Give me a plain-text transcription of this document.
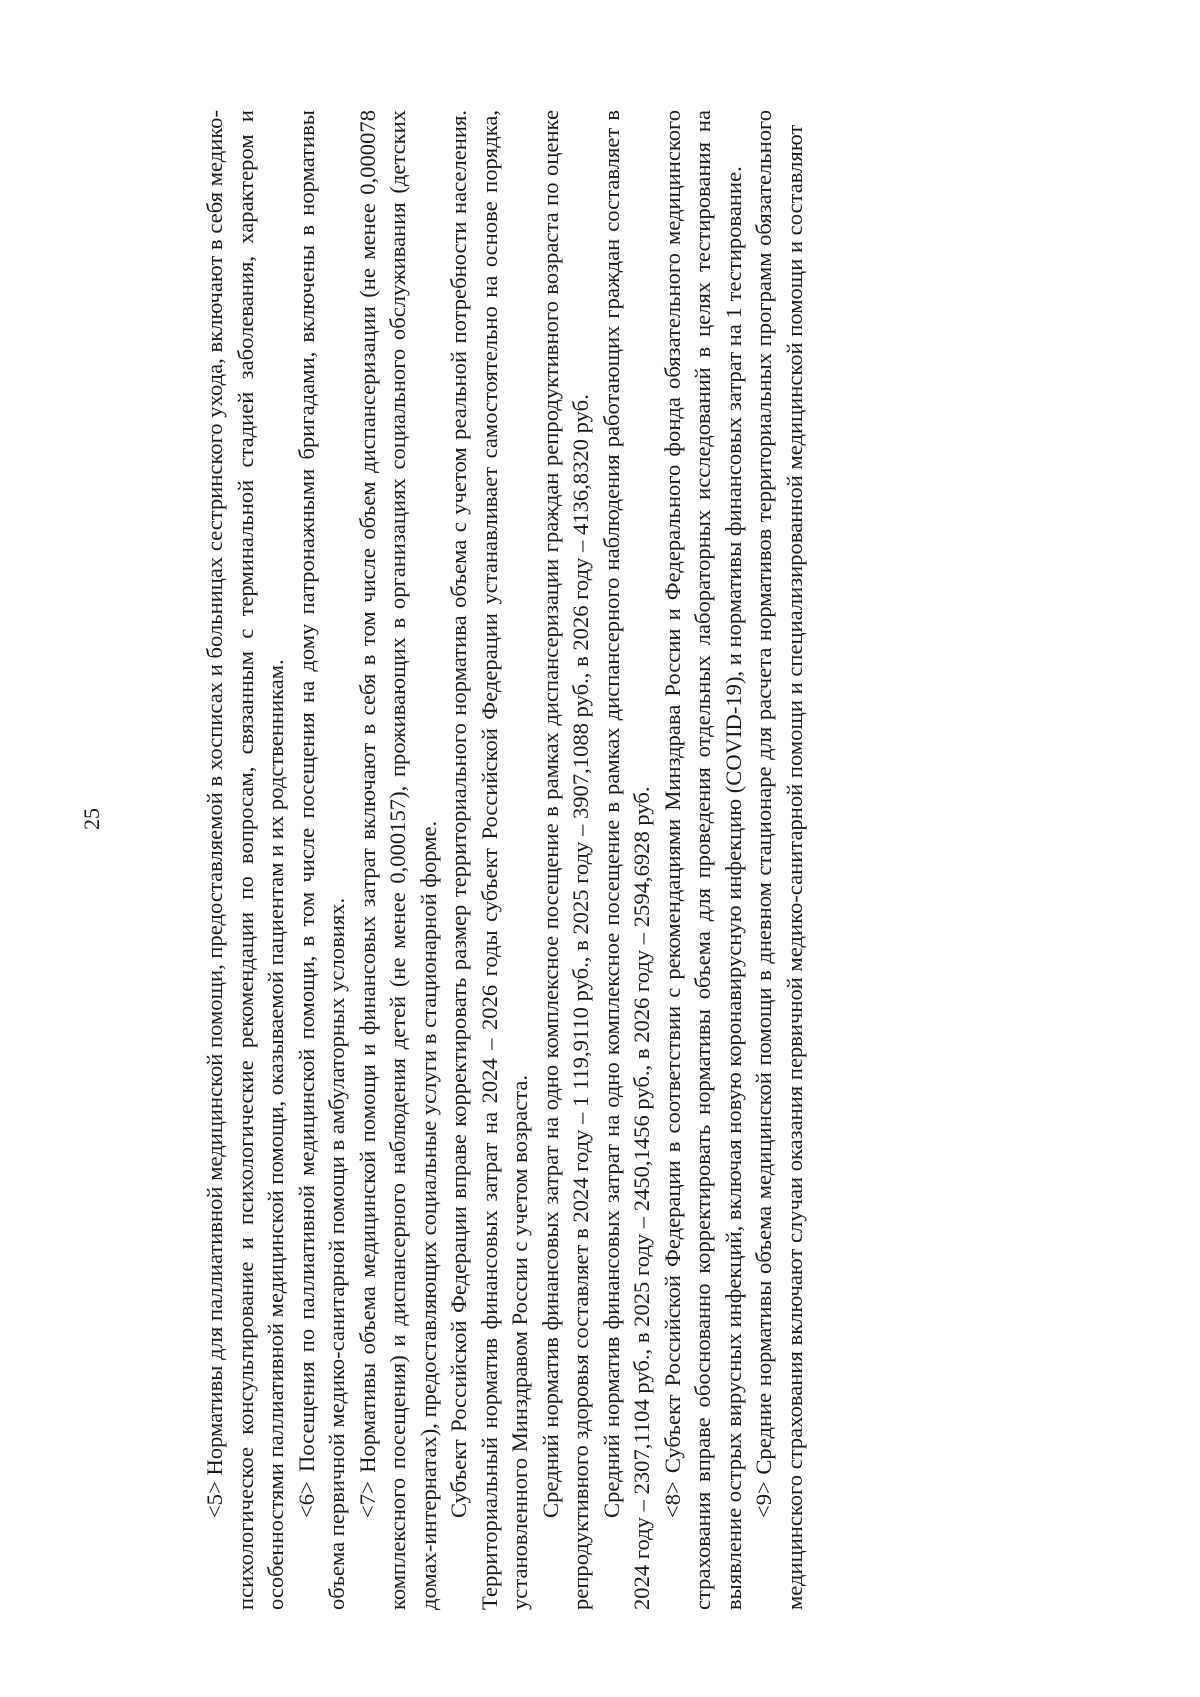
25	<5> Нормативы для паллиативной медицинской помощи, предоставляемой в хосписах и больницах сестринского ухода, включают в себя медико-психологическое консультирование и психологические рекомендации по вопросам, связанным с терминальной стадией заболевания, характером и особенностями паллиативной медицинской помощи, оказываемой пациентам и их родственникам. <6> Посещения по паллиативной медицинской помощи, в том числе посещения на дому патронажными бригадами, включены в нормативы объема первичной медико-санитарной помощи в амбулаторных условиях. <7> Нормативы объема медицинской помощи и финансовых затрат включают в себя в том числе объем диспансеризации (не менее 0,000078 комплексного посещения) и диспансерного наблюдения детей (не менее 0,000157), проживающих в организациях социального обслуживания (детских домах-интернатах), предоставляющих социальные услуги в стационарной форме. Субъект Российской Федерации вправе корректировать размер территориального норматива объема с учетом реальной потребности населения. Территориальный норматив финансовых затрат на 2024 – 2026 годы субъект Российской Федерации устанавливает самостоятельно на основе порядка, установленного Минздравом России с учетом возраста. Средний норматив финансовых затрат на одно комплексное посещение в рамках диспансеризации граждан репродуктивного возраста по оценке репродуктивного здоровья составляет в 2024 году – 1 119,9110 руб., в 2025 году – 3907,1088 руб., в 2026 году – 4136,8320 руб. Средний норматив финансовых затрат на одно комплексное посещение в рамках диспансерного наблюдения работающих граждан составляет в 2024 году – 2307,1104 руб., в 2025 году – 2450,1456 руб., в 2026 году – 2594,6928 руб. <8> Субъект Российской Федерации в соответствии с рекомендациями Минздрава России и Федерального фонда обязательного медицинского страхования вправе обоснованно корректировать нормативы объема для проведения отдельных лабораторных исследований в целях тестирования на выявление острых вирусных инфекций, включая новую коронавирусную инфекцию (COVID-19), и нормативы финансовых затрат на 1 тестирование. <9> Средние нормативы объема медицинской помощи в дневном стационаре для расчета нормативов территориальных программ обязательного медицинского страхования включают случаи оказания первичной медико-санитарной помощи и специализированной медицинской помощи и составляют
